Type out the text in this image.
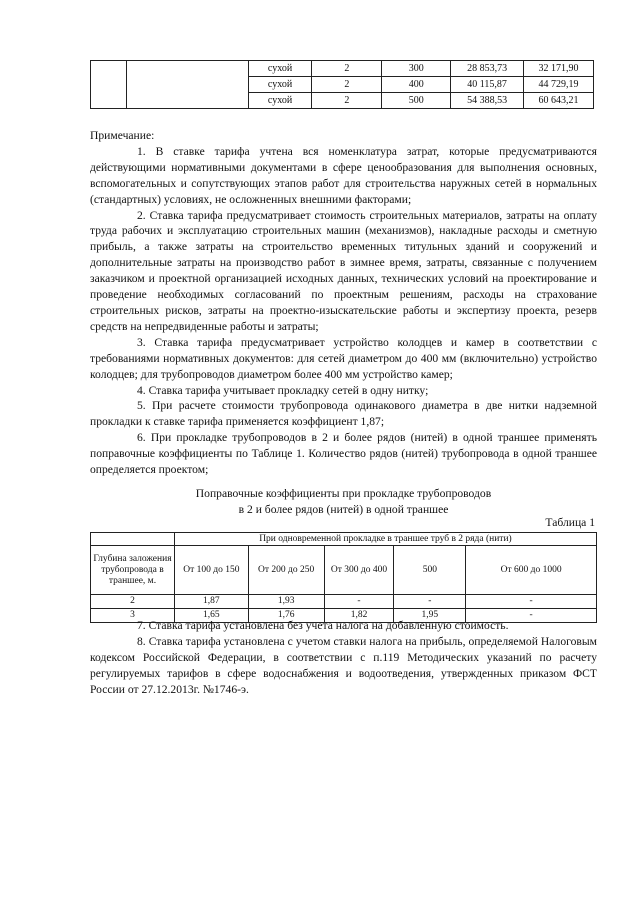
		сухой	2	300	28 853,73	32 171,90
		сухой	2	400	40 115,87	44 729,19
		сухой	2	500	54 388,53	60 643,21

Примечание:

1. В ставке тарифа учтена вся номенклатура затрат, которые предусматриваются действующими нормативными документами в сфере ценообразования для выполнения основных, вспомогательных и сопутствующих этапов работ для строительства наружных сетей в нормальных (стандартных) условиях, не осложненных внешними факторами;

2. Ставка тарифа предусматривает стоимость строительных материалов, затраты на оплату труда рабочих и эксплуатацию строительных машин (механизмов), накладные расходы и сметную прибыль, а также затраты на строительство временных титульных зданий и сооружений и дополнительные затраты на производство работ в зимнее время, затраты, связанные с получением заказчиком и проектной организацией исходных данных, технических условий на проектирование и проведение необходимых согласований по проектным решениям, расходы на страхование строительных рисков, затраты на проектно-изыскательские работы и экспертизу проекта, резерв средств на непредвиденные работы и затраты;

3. Ставка тарифа предусматривает устройство колодцев и камер в соответствии с требованиями нормативных документов: для сетей диаметром до 400 мм (включительно) устройство колодцев; для трубопроводов диаметром более 400 мм устройство камер;

4. Ставка тарифа учитывает прокладку сетей в одну нитку;

5. При расчете стоимости трубопровода одинакового диаметра в две нитки надземной прокладки к ставке тарифа применяется коэффициент 1,87;

6. При прокладке трубопроводов в 2 и более рядов (нитей) в одной траншее применять поправочные коэффициенты по Таблице 1. Количество рядов (нитей) трубопровода в одной траншее определяется проектом;

Поправочные коэффициенты при прокладке трубопроводов

в 2 и более рядов (нитей) в одной траншее

Таблица 1
	При одновременной прокладке в траншее труб в 2 ряда (нити)				
Глубина заложения трубопровода в траншее, м.	От 100 до 150	От 200 до 250	От 300 до 400	500	От 600 до 1000
2	1,87	1,93	-	-	-
3	1,65	1,76	1,82	1,95	-

7. Ставка тарифа установлена без учета налога на добавленную стоимость.

8. Ставка тарифа установлена с учетом ставки налога на прибыль, определяемой Налоговым кодексом Российской Федерации, в соответствии с п.119 Методических указаний по расчету регулируемых тарифов в сфере водоснабжения и водоотведения, утвержденных приказом ФСТ России от 27.12.2013г. №1746-э.
